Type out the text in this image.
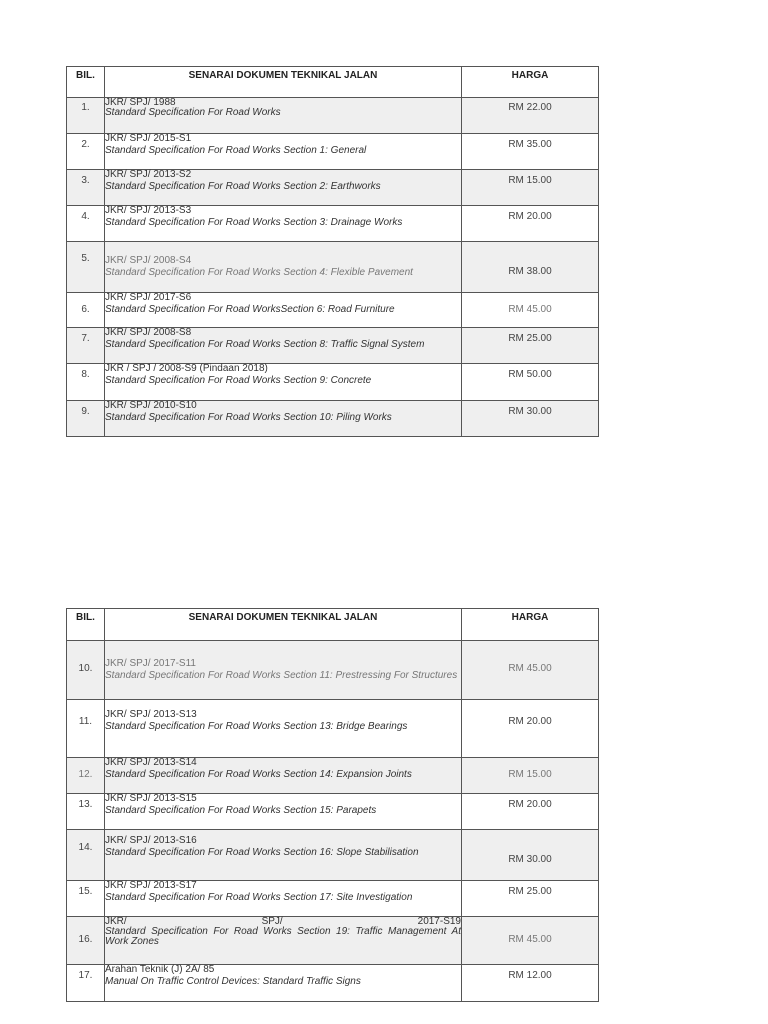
BIL.	SENARAI DOKUMEN TEKNIKAL JALAN	HARGA
1.	JKR/ SPJ/ 1988
Standard Specification For Road Works	RM 22.00
2.	JKR/ SPJ/ 2015-S1
Standard Specification For Road Works Section 1: General	RM 35.00
3.	JKR/ SPJ/ 2013-S2
Standard Specification For Road Works Section 2: Earthworks	RM 15.00
4.	JKR/ SPJ/ 2013-S3
Standard Specification For Road Works Section 3: Drainage Works	RM 20.00
5.	JKR/ SPJ/ 2008-S4
Standard Specification For Road Works Section 4: Flexible Pavement	RM 38.00
6.	JKR/ SPJ/ 2017-S6
Standard Specification For Road WorksSection 6: Road Furniture	RM 45.00
7.	JKR/ SPJ/ 2008-S8
Standard Specification For Road Works Section 8: Traffic Signal System	RM 25.00
8.	JKR / SPJ / 2008-S9 (Pindaan 2018)
Standard Specification For Road Works Section 9: Concrete	RM 50.00
9.	JKR/ SPJ/ 2010-S10
Standard Specification For Road Works Section 10: Piling Works	RM 30.00
BIL.	SENARAI DOKUMEN TEKNIKAL JALAN	HARGA
10.	JKR/ SPJ/ 2017-S11
Standard Specification For Road Works Section 11: Prestressing For Structures	RM 45.00
11.	JKR/ SPJ/ 2013-S13
Standard Specification For Road Works Section 13: Bridge Bearings	RM 20.00
12.	JKR/ SPJ/ 2013-S14
Standard Specification For Road Works Section 14: Expansion Joints	RM 15.00
13.	JKR/ SPJ/ 2013-S15
Standard Specification For Road Works Section 15: Parapets	RM 20.00
14.	JKR/ SPJ/ 2013-S16
Standard Specification For Road Works Section 16: Slope Stabilisation	RM 30.00
15.	JKR/ SPJ/ 2013-S17
Standard Specification For Road Works Section 17: Site Investigation	RM 25.00
16.	JKR/ SPJ/ 2017-S19
Standard Specification For Road Works Section 19: Traffic Management At Work Zones	RM 45.00
17.	Arahan Teknik (J) 2A/ 85
Manual On Traffic Control Devices: Standard Traffic Signs	RM 12.00
